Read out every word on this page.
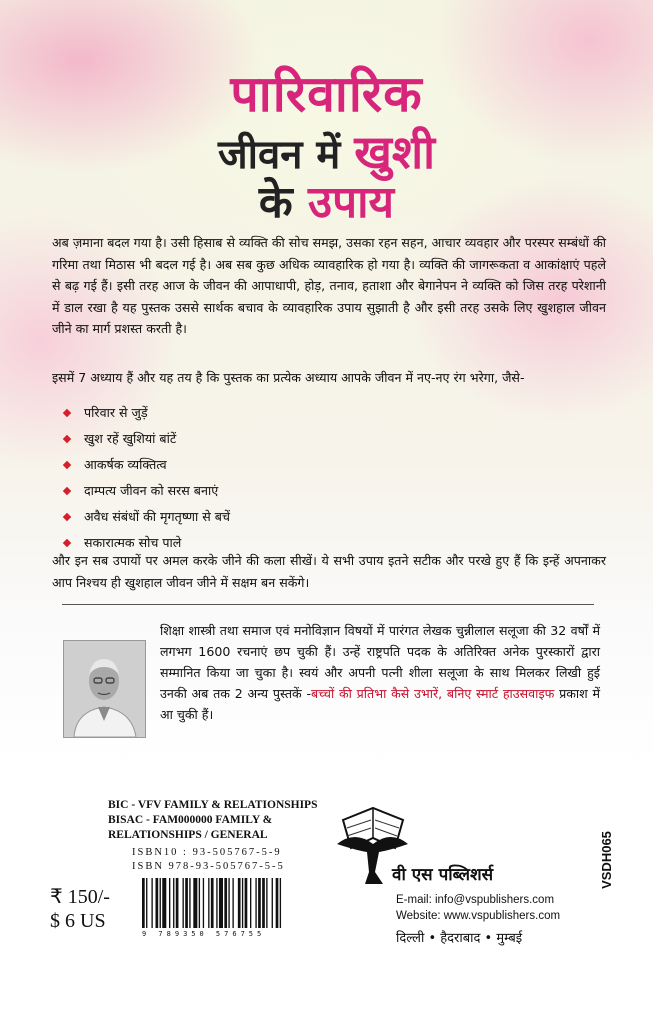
पारिवारिक
जीवन में खुशी
के उपाय
अब ज़माना बदल गया है। उसी हिसाब से व्यक्ति की सोच समझ, उसका रहन सहन, आचार व्यवहार और परस्पर सम्बंधों की गरिमा तथा मिठास भी बदल गई है। अब सब कुछ अधिक व्यावहारिक हो गया है। व्यक्ति की जागरूकता व आकांक्षाएं पहले से बढ़ गई हैं। इसी तरह आज के जीवन की आपाधापी, होड़, तनाव, हताशा और बेगानेपन ने व्यक्ति को जिस तरह परेशानी में डाल रखा है यह पुस्तक उससे सार्थक बचाव के व्यावहारिक उपाय सुझाती है और इसी तरह उसके लिए खुशहाल जीवन जीने का मार्ग प्रशस्त करती है।
इसमें 7 अध्याय हैं और यह तय है कि पुस्तक का प्रत्येक अध्याय आपके जीवन में नए-नए रंग भरेगा, जैसे-
परिवार से जुड़ें
खुश रहें खुशियां बांटें
आकर्षक व्यक्तित्व
दाम्पत्य जीवन को सरस बनाएं
अवैध संबंधों की मृगतृष्णा से बचें
सकारात्मक सोच पाले
और इन सब उपायों पर अमल करके जीने की कला सीखें। ये सभी उपाय इतने सटीक और परखे हुए हैं कि इन्हें अपनाकर आप निश्चय ही खुशहाल जीवन जीने में सक्षम बन सकेंगे।
शिक्षा शास्त्री तथा समाज एवं मनोविज्ञान विषयों में पारंगत लेखक चुन्नीलाल सलूजा की 32 वर्षों में लगभग 1600 रचनाएं छप चुकी हैं। उन्हें राष्ट्रपति पदक के अतिरिक्त अनेक पुरस्कारों द्वारा सम्मानित किया जा चुका है। स्वयं और अपनी पत्नी शीला सलूजा के साथ मिलकर लिखी हुई उनकी अब तक 2 अन्य पुस्तकें -बच्चों की प्रतिभा कैसे उभारें, बनिए स्मार्ट हाउसवाइफ प्रकाश में आ चुकी हैं।
BIC - VFV FAMILY & RELATIONSHIPS
BISAC - FAM000000 FAMILY &
RELATIONSHIPS / GENERAL
ISBN10 : 93-505767-5-9
ISBN 978-93-505767-5-5
9 789350 576755
₹ 150/-
$ 6 US
VSDH065
वी एस पब्लिशर्स
E-mail: info@vspublishers.com
Website: www.vspublishers.com
दिल्ली • हैदराबाद • मुम्बई
